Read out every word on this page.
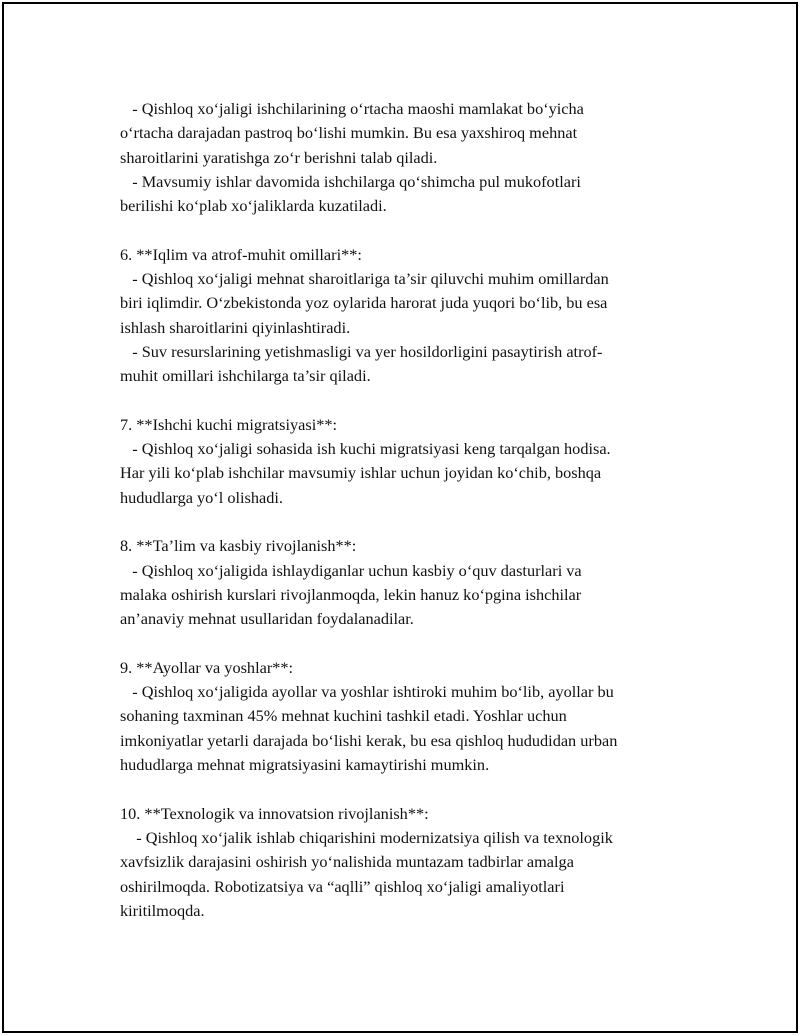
- Qishloq xo‘jaligi ishchilarining o‘rtacha maoshi mamlakat bo‘yicha
o‘rtacha darajadan pastroq bo‘lishi mumkin. Bu esa yaxshiroq mehnat
sharoitlarini yaratishga zo‘r berishni talab qiladi.
- Mavsumiy ishlar davomida ishchilarga qo‘shimcha pul mukofotlari
berilishi ko‘plab xo‘jaliklarda kuzatiladi.
6. **Iqlim va atrof-muhit omillari**:
- Qishloq xo‘jaligi mehnat sharoitlariga ta’sir qiluvchi muhim omillardan
biri iqlimdir. O‘zbekistonda yoz oylarida harorat juda yuqori bo‘lib, bu esa
ishlash sharoitlarini qiyinlashtiradi.
- Suv resurslarining yetishmasligi va yer hosildorligini pasaytirish atrof-
muhit omillari ishchilarga ta’sir qiladi.
7. **Ishchi kuchi migratsiyasi**:
- Qishloq xo‘jaligi sohasida ish kuchi migratsiyasi keng tarqalgan hodisa.
Har yili ko‘plab ishchilar mavsumiy ishlar uchun joyidan ko‘chib, boshqa
hududlarga yo‘l olishadi.
8. **Ta’lim va kasbiy rivojlanish**:
- Qishloq xo‘jaligida ishlaydiganlar uchun kasbiy o‘quv dasturlari va
malaka oshirish kurslari rivojlanmoqda, lekin hanuz ko‘pgina ishchilar
an’anaviy mehnat usullaridan foydalanadilar.
9. **Ayollar va yoshlar**:
- Qishloq xo‘jaligida ayollar va yoshlar ishtiroki muhim bo‘lib, ayollar bu
sohaning taxminan 45% mehnat kuchini tashkil etadi. Yoshlar uchun
imkoniyatlar yetarli darajada bo‘lishi kerak, bu esa qishloq hududidan urban
hududlarga mehnat migratsiyasini kamaytirishi mumkin.
10. **Texnologik va innovatsion rivojlanish**:
- Qishloq xo‘jalik ishlab chiqarishini modernizatsiya qilish va texnologik
xavfsizlik darajasini oshirish yo‘nalishida muntazam tadbirlar amalga
oshirilmoqda. Robotizatsiya va “aqlli” qishloq xo‘jaligi amaliyotlari
kiritilmoqda.
